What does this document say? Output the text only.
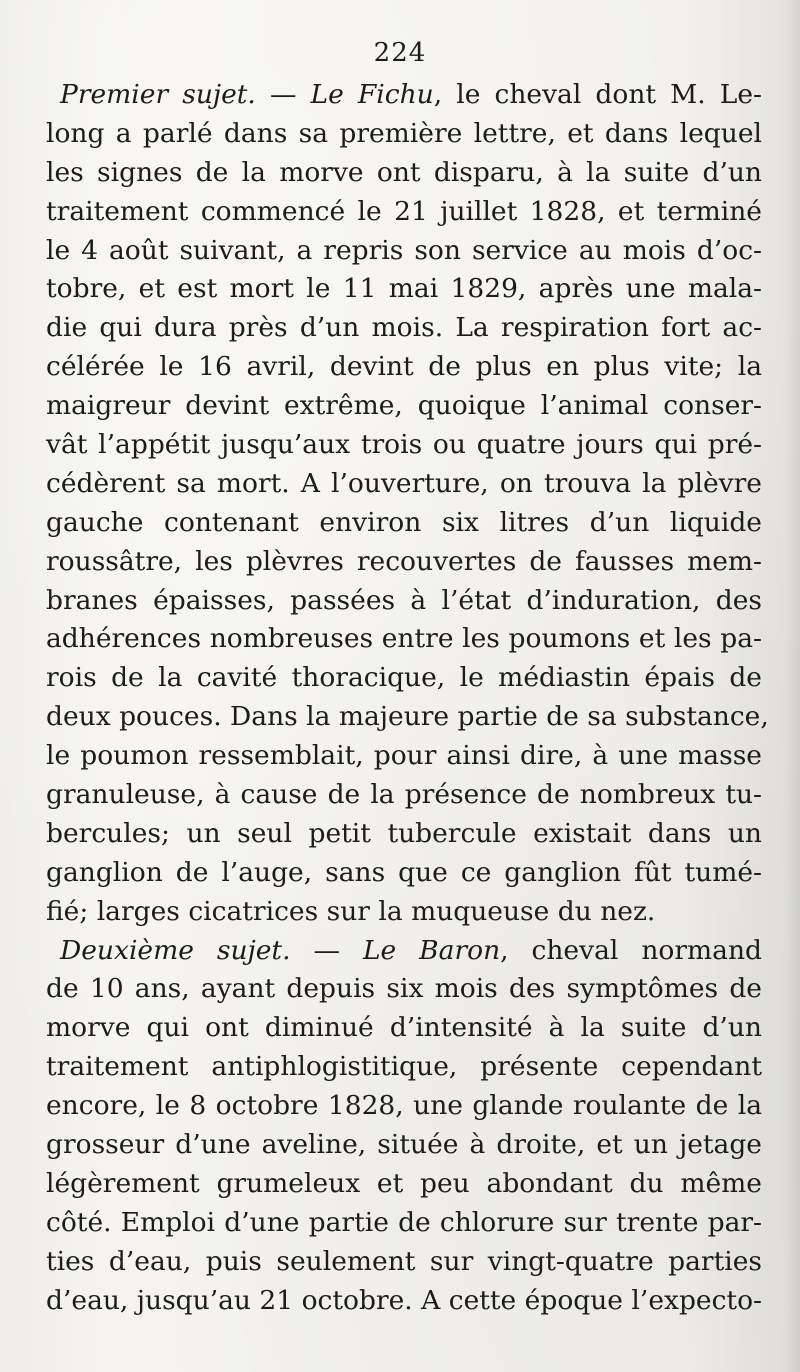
224
Premier sujet. — Le Fichu, le cheval dont M. Le-
long a parlé dans sa première lettre, et dans lequel
les signes de la morve ont disparu, à la suite d’un
traitement commencé le 21 juillet 1828, et terminé
le 4 août suivant, a repris son service au mois d’oc-
tobre, et est mort le 11 mai 1829, après une mala-
die qui dura près d’un mois. La respiration fort ac-
célérée le 16 avril, devint de plus en plus vite; la
maigreur devint extrême, quoique l’animal conser-
vât l’appétit jusqu’aux trois ou quatre jours qui pré-
cédèrent sa mort. A l’ouverture, on trouva la plèvre
gauche contenant environ six litres d’un liquide
roussâtre, les plèvres recouvertes de fausses mem-
branes épaisses, passées à l’état d’induration, des
adhérences nombreuses entre les poumons et les pa-
rois de la cavité thoracique, le médiastin épais de
deux pouces. Dans la majeure partie de sa substance,
le poumon ressemblait, pour ainsi dire, à une masse
granuleuse, à cause de la présence de nombreux tu-
bercules; un seul petit tubercule existait dans un
ganglion de l’auge, sans que ce ganglion fût tumé-
fié; larges cicatrices sur la muqueuse du nez.
Deuxième sujet. — Le Baron, cheval normand
de 10 ans, ayant depuis six mois des symptômes de
morve qui ont diminué d’intensité à la suite d’un
traitement antiphlogistitique, présente cependant
encore, le 8 octobre 1828, une glande roulante de la
grosseur d’une aveline, située à droite, et un jetage
légèrement grumeleux et peu abondant du même
côté. Emploi d’une partie de chlorure sur trente par-
ties d’eau, puis seulement sur vingt-quatre parties
d’eau, jusqu’au 21 octobre. A cette époque l’expecto-
